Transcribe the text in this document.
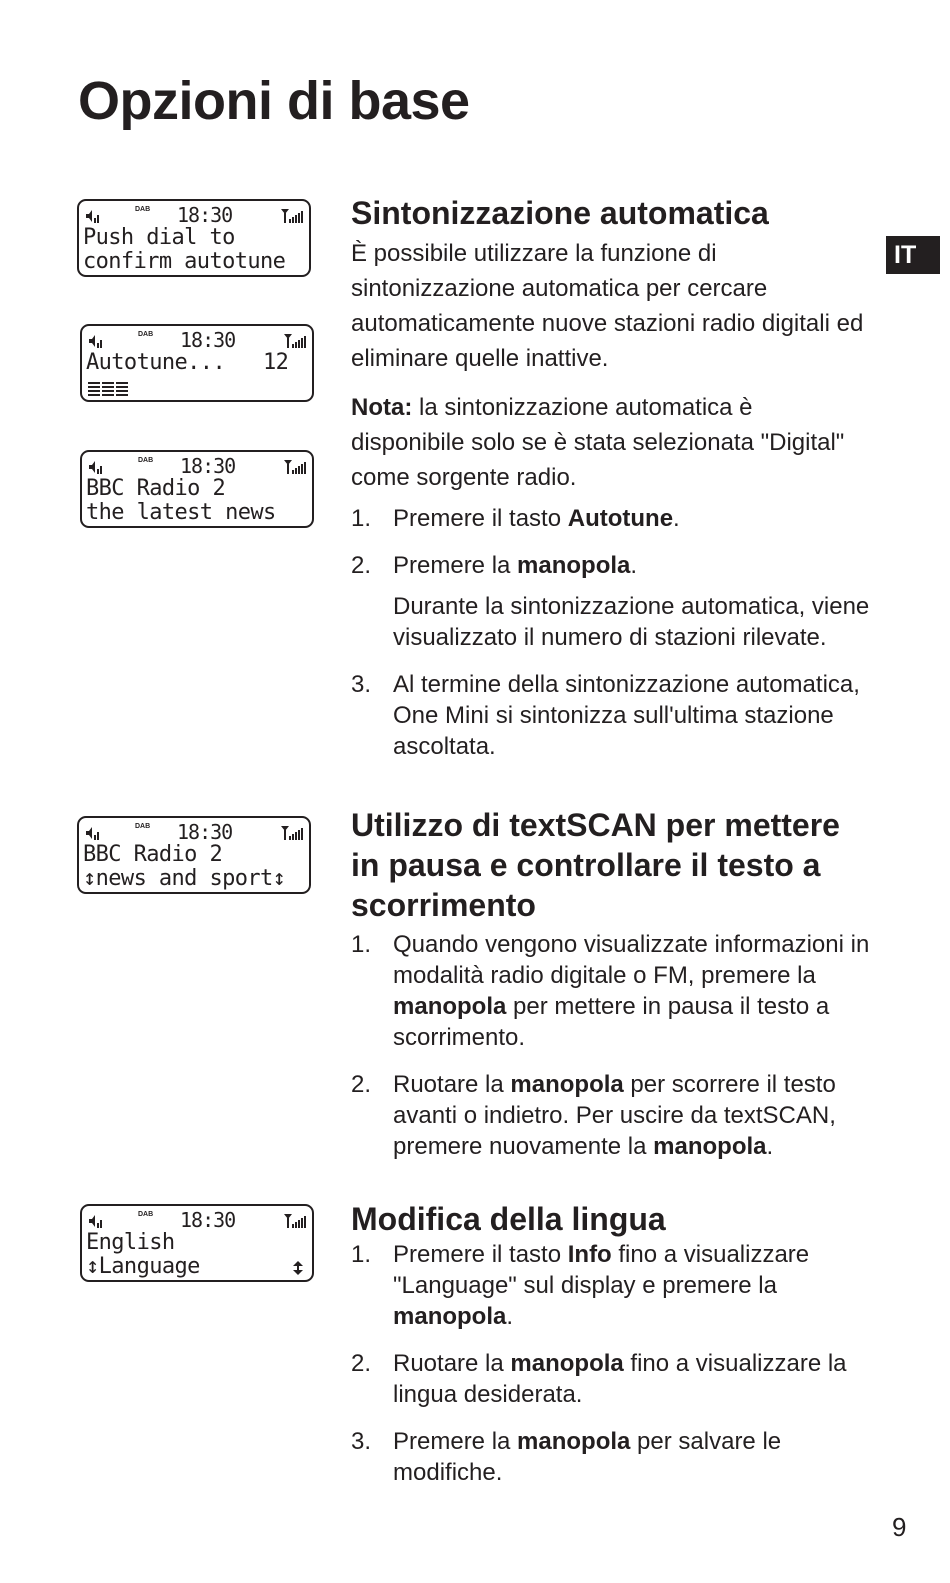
Opzioni di base
IT
DAB 18:30
Push dial to
confirm autotune
DAB 18:30
Autotune...   12
DAB 18:30
BBC Radio 2
the latest news
DAB 18:30
BBC Radio 2
↕news and sport↕
DAB 18:30
English
↕Language
Sintonizzazione automatica

È possibile utilizzare la funzione di sintonizzazione automatica per cercare automaticamente nuove stazioni radio digitali ed eliminare quelle inattive.

Nota: la sintonizzazione automatica è disponibile solo se è stata selezionata "Digital" come sorgente radio.

1. Premere il tasto Autotune.
2. Premere la manopola.
Durante la sintonizzazione automatica, viene visualizzato il numero di stazioni rilevate.
3. Al termine della sintonizzazione automatica, One Mini si sintonizza sull'ultima stazione ascoltata.
Utilizzo di textSCAN per mettere in pausa e controllare il testo a scorrimento
1. Quando vengono visualizzate informazioni in modalità radio digitale o FM, premere la manopola per mettere in pausa il testo a scorrimento.
2. Ruotare la manopola per scorrere il testo avanti o indietro. Per uscire da textSCAN, premere nuovamente la manopola.
Modifica della lingua
1. Premere il tasto Info fino a visualizzare "Language" sul display e premere la manopola.
2. Ruotare la manopola fino a visualizzare la lingua desiderata.
3. Premere la manopola per salvare le modifiche.
9
